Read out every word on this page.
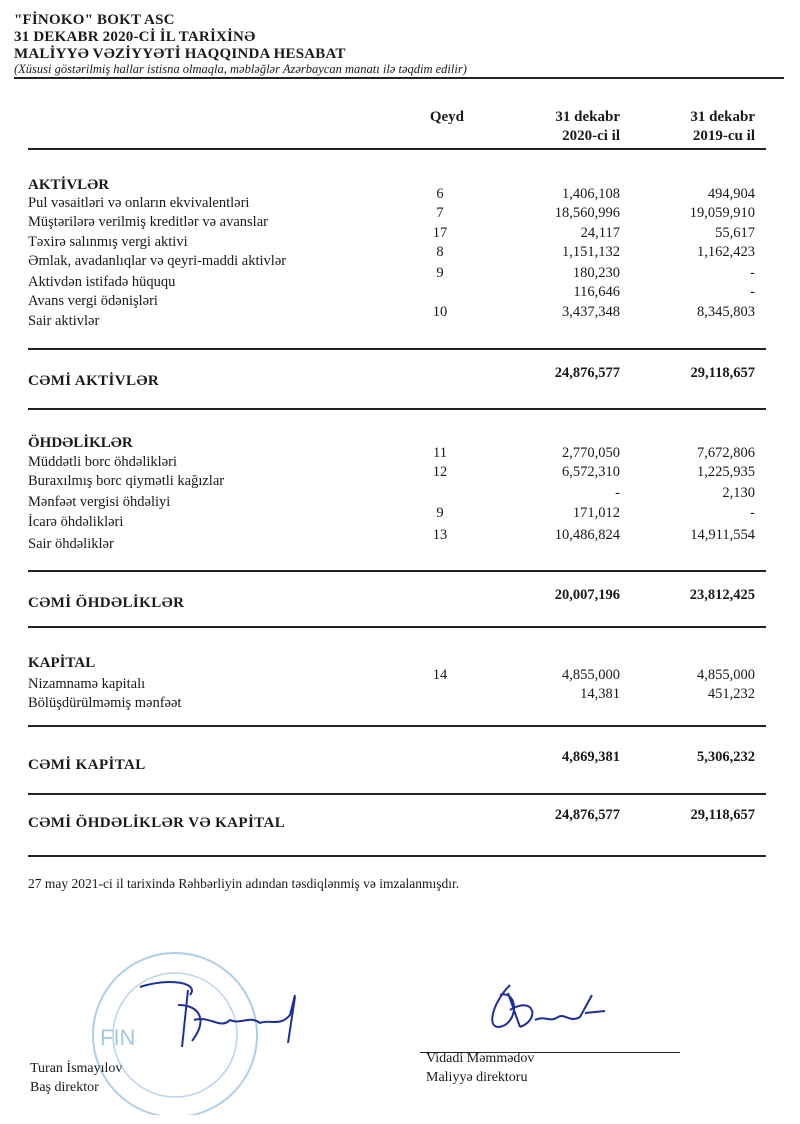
"FİNOKO" BOKT ASC
31 DEKABR 2020-Cİ İL TARİXİNƏ
MALİYYƏ VƏZİYYƏTİ HAQQINDA HESABAT
(Xüsusi göstərilmiş hallar istisna olmaqla, məbləğlər Azərbaycan manatı ilə təqdim edilir)
Qeyd	31 dekabr
2020-ci il
31 dekabr
2019-cu il
AKTİVLƏR
Pul vəsaitləri və onların ekvivalentləri
6	1,406,108	494,904
Müştərilərə verilmiş kreditlər və avanslar
7	18,560,996	19,059,910
Təxirə salınmış vergi aktivi
17	24,117	55,617
Əmlak, avadanlıqlar və qeyri-maddi aktivlər
8	1,151,132	1,162,423
Aktivdən istifadə hüququ
9	180,230	-
Avans vergi ödənişləri
116,646	-
Sair aktivlər
10	3,437,348	8,345,803
CƏMİ AKTİVLƏR	24,876,577	29,118,657
ÖHDƏLİKLƏR
Müddətli borc öhdəlikləri
11	2,770,050	7,672,806
Buraxılmış borc qiymətli kağızlar
12	6,572,310	1,225,935
Mənfəət vergisi öhdəliyi
-	2,130
İcarə öhdəlikləri
9	171,012	-
Sair öhdəliklər
13	10,486,824	14,911,554
CƏMİ ÖHDƏLİKLƏR	20,007,196	23,812,425
KAPİTAL
Nizamnamə kapitalı
14	4,855,000	4,855,000
Bölüşdürülməmiş mənfəət
14,381	451,232
CƏMİ KAPİTAL	4,869,381	5,306,232
CƏMİ ÖHDƏLİKLƏR VƏ KAPİTAL	24,876,577	29,118,657
27 may 2021-ci il tarixində Rəhbərliyin adından təsdiqlənmiş və imzalanmışdır.
FIN
Turan İsmayılov
Baş direktor
Vidadi Məmmədov
Maliyyə direktoru
